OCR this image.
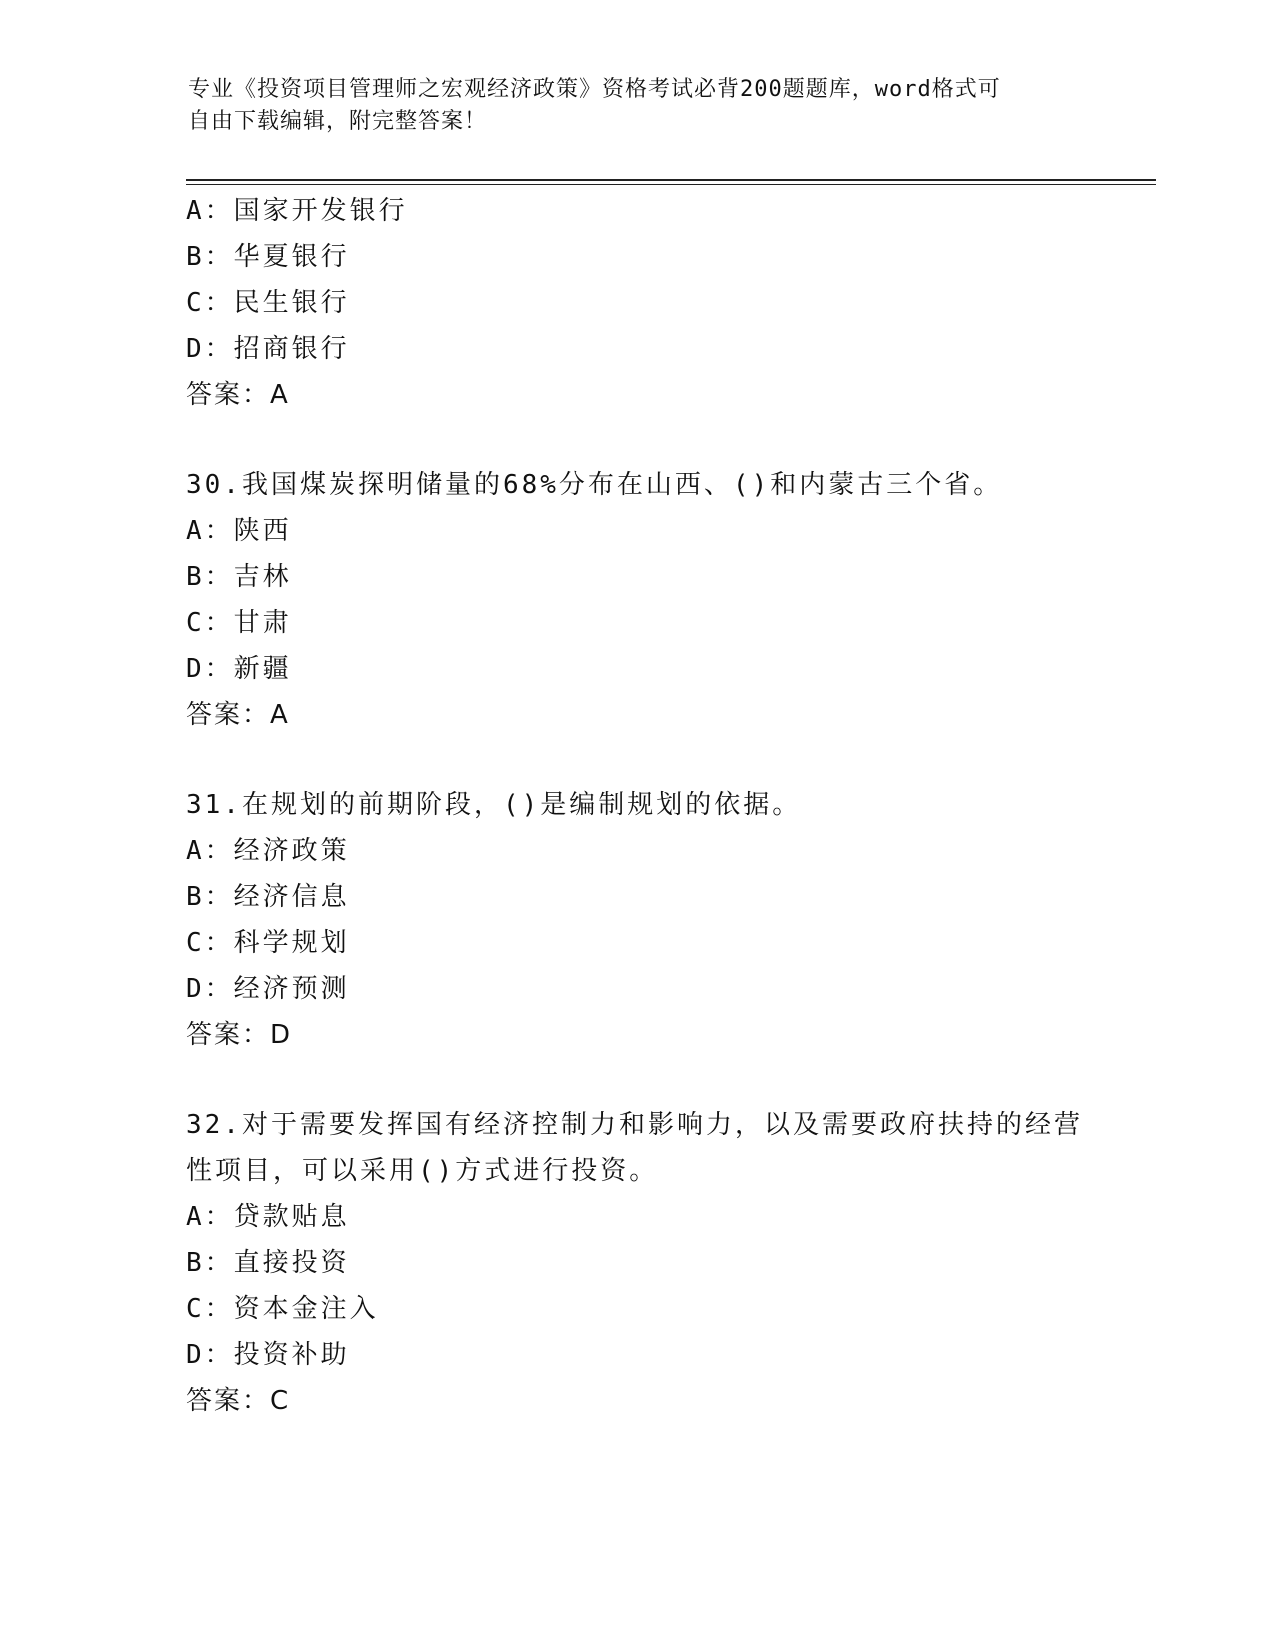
专业《投资项目管理师之宏观经济政策》资格考试必背200题题库，word格式可
自由下载编辑，附完整答案！
A：国家开发银行
B：华夏银行
C：民生银行
D：招商银行
答案：A
30.我国煤炭探明储量的68%分布在山西、()和内蒙古三个省。
A：陕西
B：吉林
C：甘肃
D：新疆
答案：A
31.在规划的前期阶段，()是编制规划的依据。
A：经济政策
B：经济信息
C：科学规划
D：经济预测
答案：D
32.对于需要发挥国有经济控制力和影响力，以及需要政府扶持的经营性项目，可以采用()方式进行投资。
A：贷款贴息
B：直接投资
C：资本金注入
D：投资补助
答案：C
